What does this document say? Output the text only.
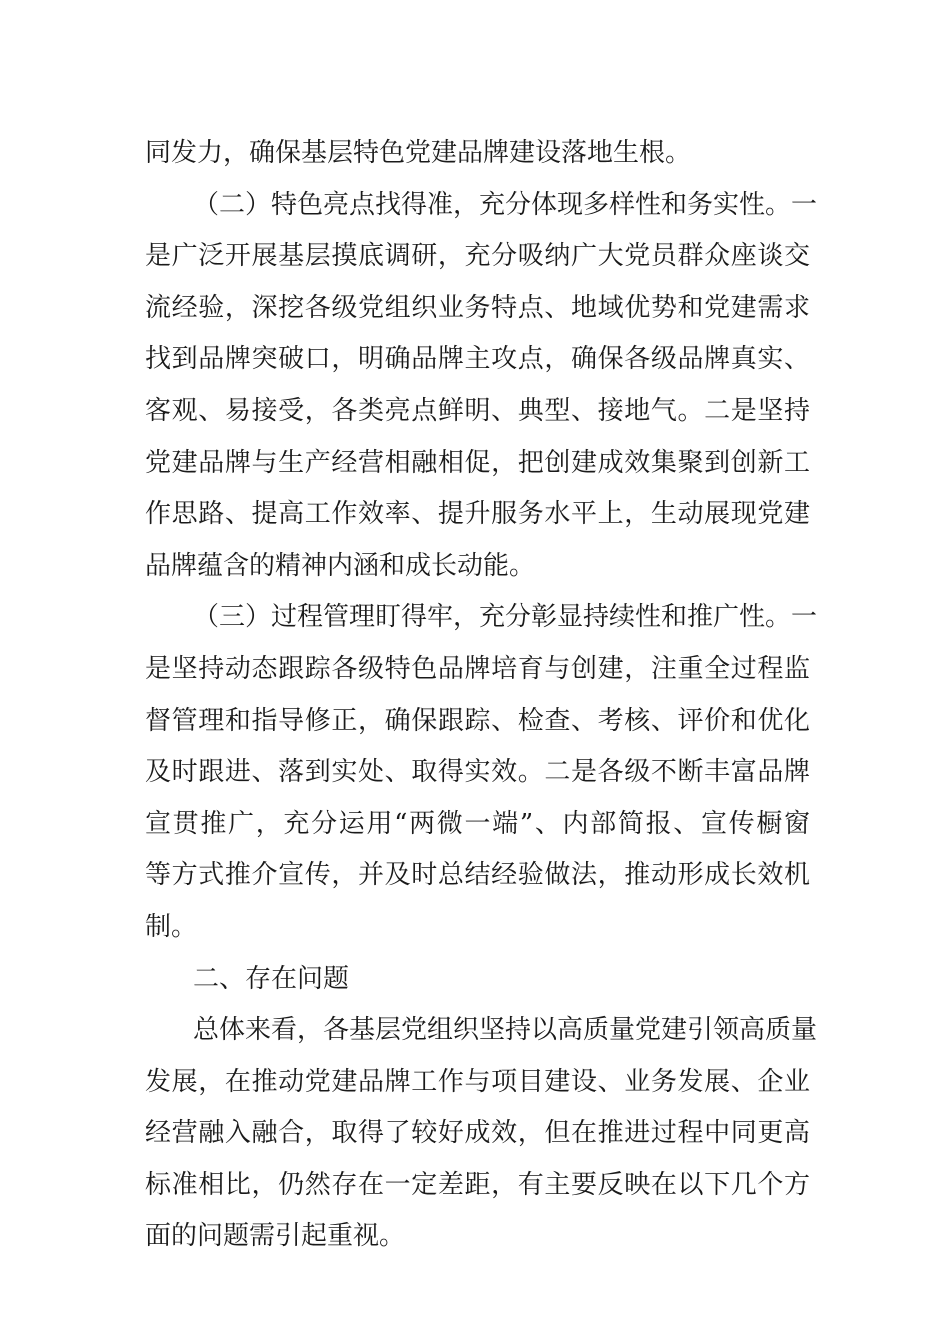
同发力，确保基层特色党建品牌建设落地生根。
（二）特色亮点找得准，充分体现多样性和务实性。一
是广泛开展基层摸底调研，充分吸纳广大党员群众座谈交
流经验，深挖各级党组织业务特点、地域优势和党建需求
找到品牌突破口，明确品牌主攻点，确保各级品牌真实、
客观、易接受，各类亮点鲜明、典型、接地气。二是坚持
党建品牌与生产经营相融相促，把创建成效集聚到创新工
作思路、提高工作效率、提升服务水平上，生动展现党建
品牌蕴含的精神内涵和成长动能。
（三）过程管理盯得牢，充分彰显持续性和推广性。一
是坚持动态跟踪各级特色品牌培育与创建，注重全过程监
督管理和指导修正，确保跟踪、检查、考核、评价和优化
及时跟进、落到实处、取得实效。二是各级不断丰富品牌
宣贯推广，充分运用“两微一端”、内部简报、宣传橱窗
等方式推介宣传，并及时总结经验做法，推动形成长效机
制。
二、存在问题
总体来看，各基层党组织坚持以高质量党建引领高质量
发展，在推动党建品牌工作与项目建设、业务发展、企业
经营融入融合，取得了较好成效，但在推进过程中同更高
标准相比，仍然存在一定差距，有主要反映在以下几个方
面的问题需引起重视。
